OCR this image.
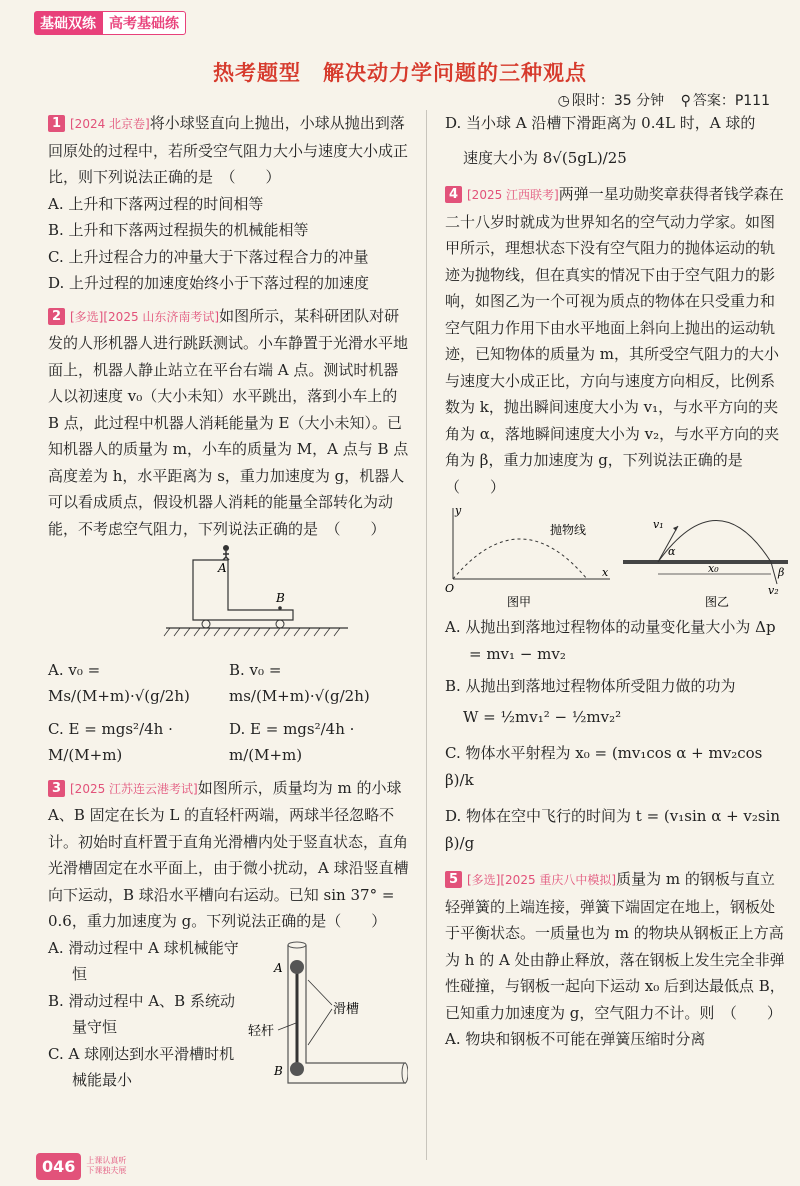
基础双练 高考基础练
热考题型　解决动力学问题的三种观点
◷ 限时：35 分钟 ⚲ 答案：P111
1 [2024 北京卷]将小球竖直向上抛出，小球从抛出到落回原处的过程中，若所受空气阻力大小与速度大小成正比，则下列说法正确的是　（　　）
A. 上升和下落两过程的时间相等
B. 上升和下落两过程损失的机械能相等
C. 上升过程合力的冲量大于下落过程合力的冲量
D. 上升过程的加速度始终小于下落过程的加速度
2 [多选][2025 山东济南考试]如图所示，某科研团队对研发的人形机器人进行跳跃测试。小车静置于光滑水平地面上，机器人静止站立在平台右端 A 点。测试时机器人以初速度 v₀（大小未知）水平跳出，落到小车上的 B 点，此过程中机器人消耗能量为 E（大小未知）。已知机器人的质量为 m，小车的质量为 M，A 点与 B 点高度差为 h，水平距离为 s，重力加速度为 g，机器人可以看成质点，假设机器人消耗的能量全部转化为动能，不考虑空气阻力，下列说法正确的是　（　　）
A
B
A. v₀ = Ms/(M+m)·√(g/2h)
B. v₀ = ms/(M+m)·√(g/2h)
C. E = mgs²/4h · M/(M+m)
D. E = mgs²/4h · m/(M+m)
3 [2025 江苏连云港考试]如图所示，质量均为 m 的小球 A、B 固定在长为 L 的直轻杆两端，两球半径忽略不计。初始时直杆置于直角光滑槽内处于竖直状态，直角光滑槽固定在水平面上，由于微小扰动，A 球沿竖直槽向下运动，B 球沿水平槽向右运动。已知 sin 37° = 0.6，重力加速度为 g。下列说法正确的是（　　）
A. 滑动过程中 A 球机械能守恒
B. 滑动过程中 A、B 系统动量守恒
C. A 球刚达到水平滑槽时机械能最小
A
B
轻杆
滑槽
D. 当小球 A 沿槽下滑距离为 0.4L 时，A 球的
速度大小为 8√(5gL)/25
4 [2025 江西联考]两弹一星功勋奖章获得者钱学森在二十八岁时就成为世界知名的空气动力学家。如图甲所示，理想状态下没有空气阻力的抛体运动的轨迹为抛物线，但在真实的情况下由于空气阻力的影响，如图乙为一个可视为质点的物体在只受重力和空气阻力作用下由水平地面上斜向上抛出的运动轨迹，已知物体的质量为 m，其所受空气阻力的大小与速度大小成正比，方向与速度方向相反，比例系数为 k，抛出瞬间速度大小为 v₁，与水平方向的夹角为 α，落地瞬间速度大小为 v₂，与水平方向的夹角为 β，重力加速度为 g，下列说法正确的是　（　　）
y
x
O
抛物线
图甲
v₁
α
β
v₂
x₀
图乙
A. 从抛出到落地过程物体的动量变化量大小为 Δp = mv₁ − mv₂
B. 从抛出到落地过程物体所受阻力做的功为
W = ½mv₁² − ½mv₂²
C. 物体水平射程为 x₀ = (mv₁cos α + mv₂cos β)/k
D. 物体在空中飞行的时间为 t = (v₁sin α + v₂sin β)/g
5 [多选][2025 重庆八中模拟]质量为 m 的钢板与直立轻弹簧的上端连接，弹簧下端固定在地上，钢板处于平衡状态。一质量也为 m 的物块从钢板正上方高为 h 的 A 处由静止释放，落在钢板上发生完全非弹性碰撞，与钢板一起向下运动 x₀ 后到达最低点 B，已知重力加速度为 g，空气阻力不计。则　（　　）
A. 物块和钢板不可能在弹簧压缩时分离
046	上课认真听
下课独夫展
